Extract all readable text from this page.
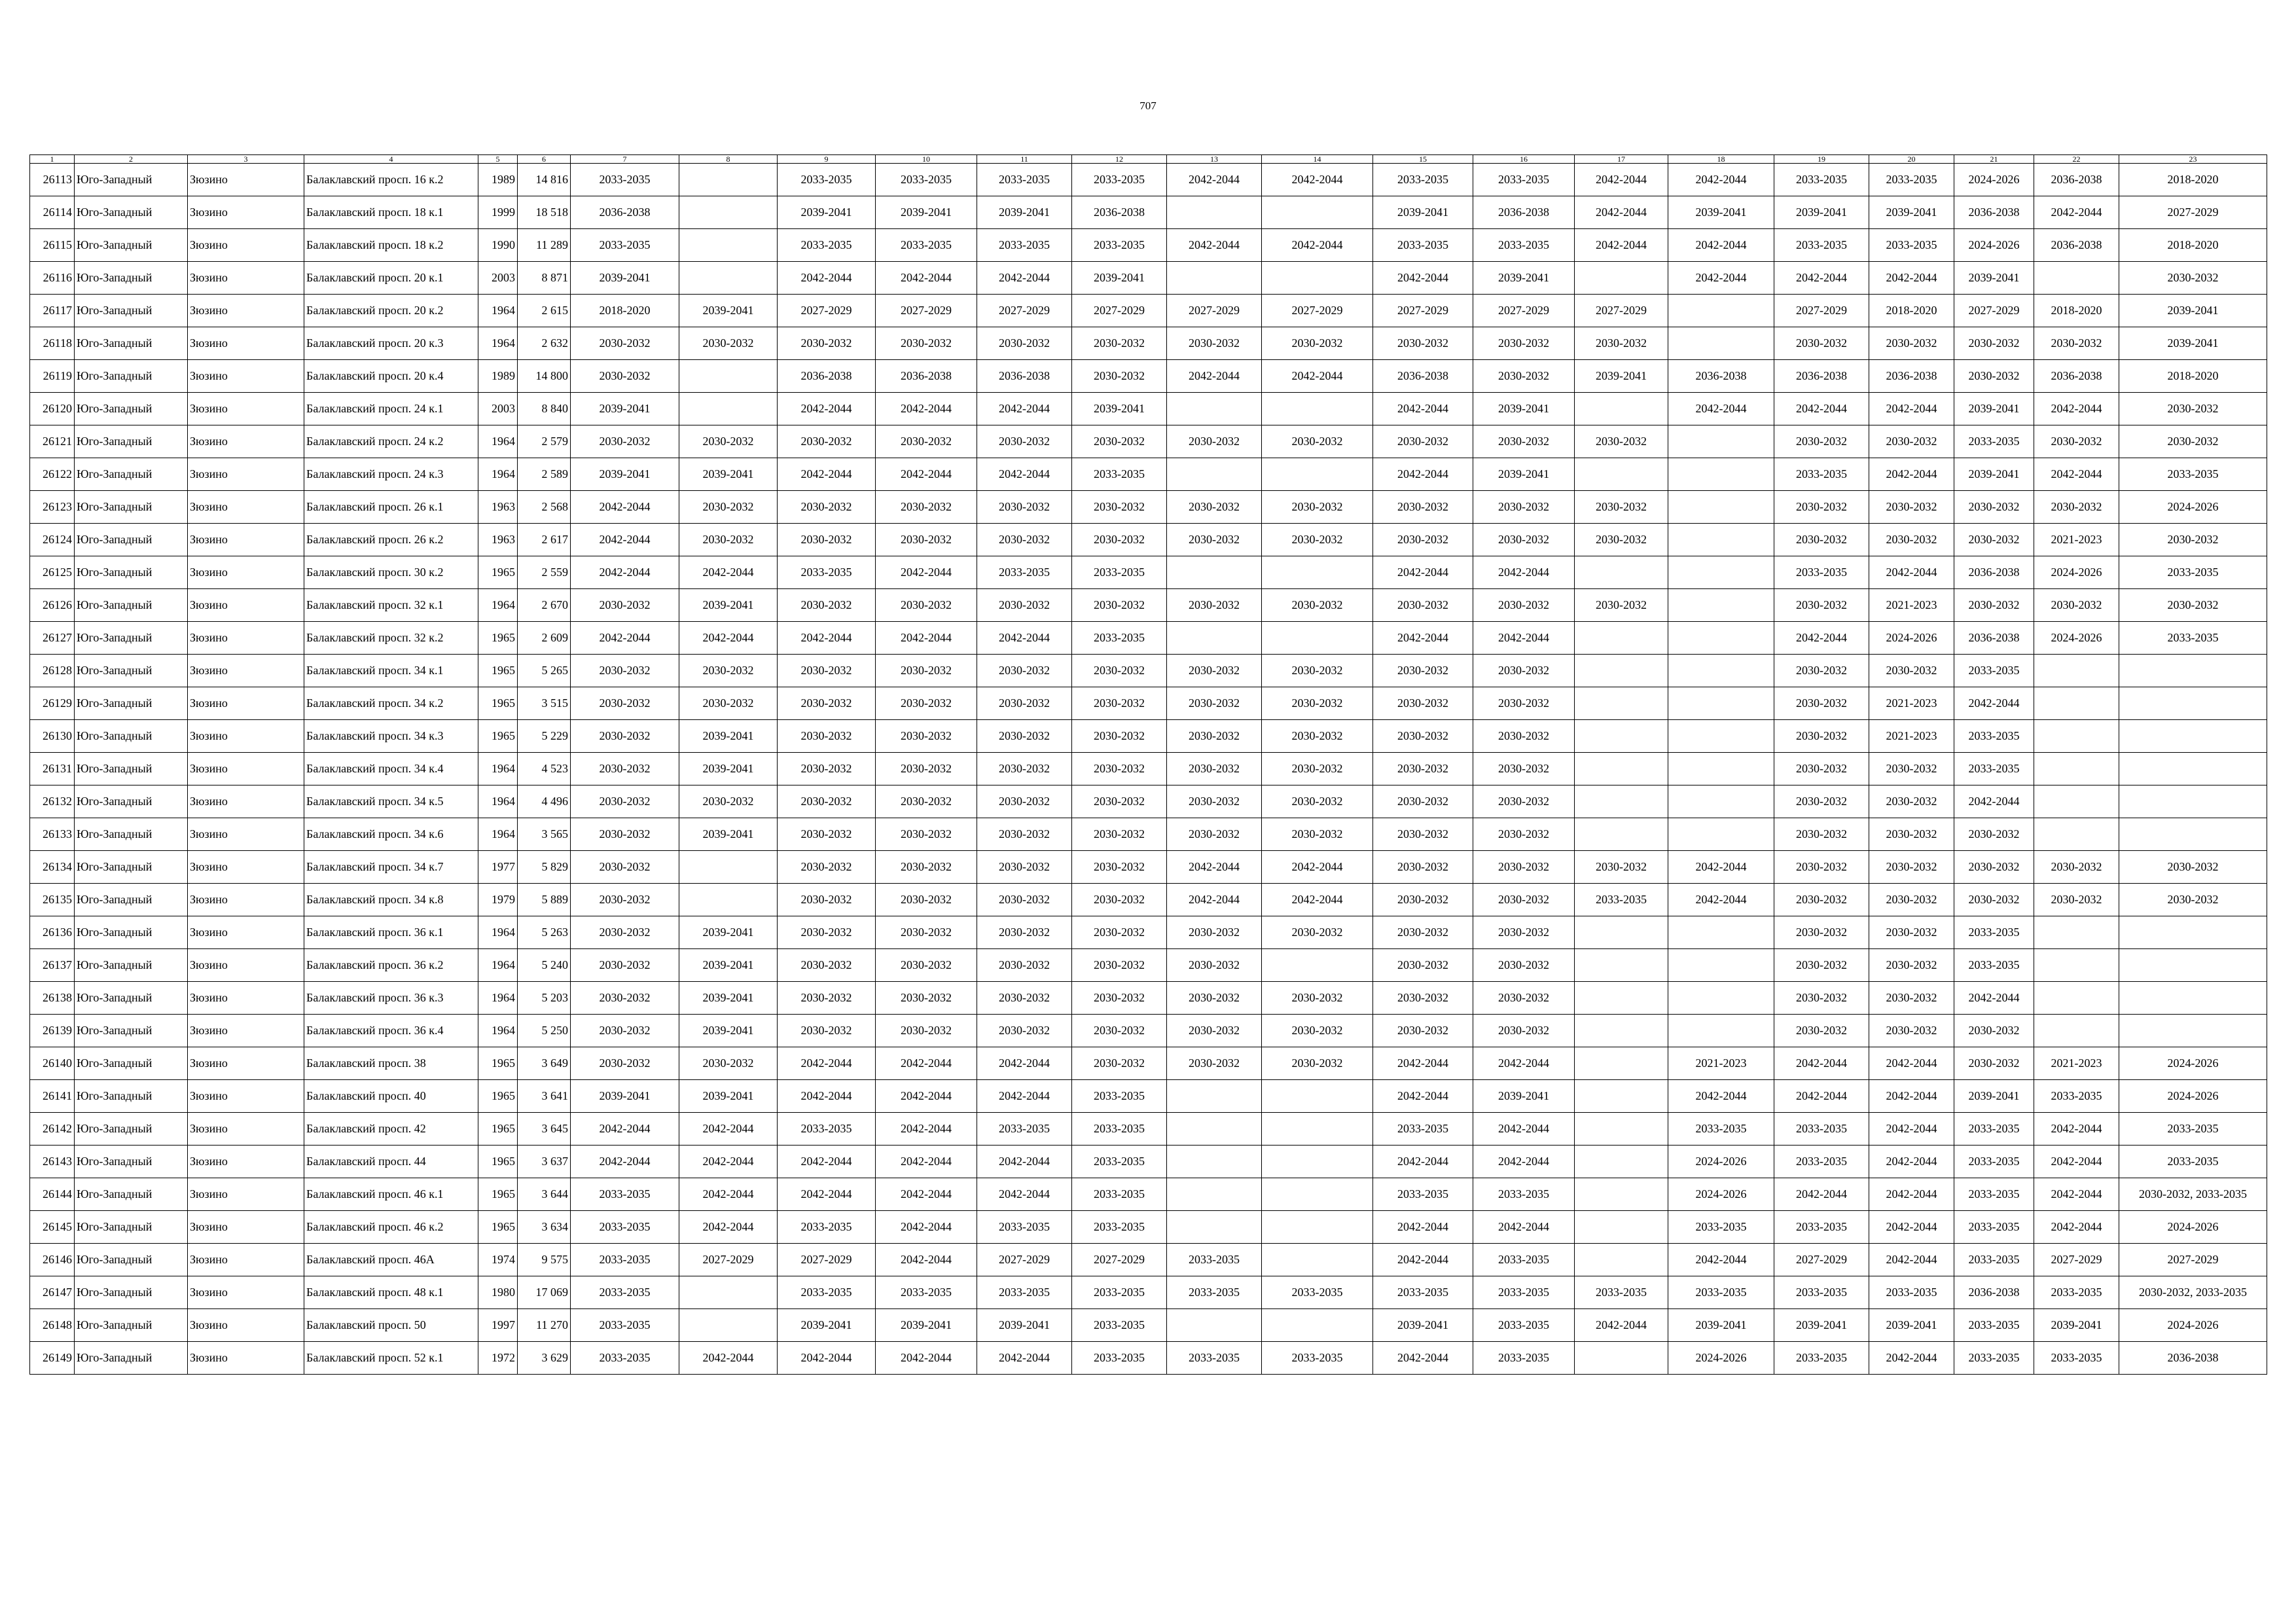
707
1	2	3	4	5	6	7	8	9	10	11	12	13	14	15	16	17	18	19	20	21	22	23
26113	Юго-Западный	Зюзино	Балаклавский просп. 16 к.2	1989	14 816	2033-2035		2033-2035	2033-2035	2033-2035	2033-2035	2042-2044	2042-2044	2033-2035	2033-2035	2042-2044	2042-2044	2033-2035	2033-2035	2024-2026	2036-2038	2018-2020
26114	Юго-Западный	Зюзино	Балаклавский просп. 18 к.1	1999	18 518	2036-2038		2039-2041	2039-2041	2039-2041	2036-2038			2039-2041	2036-2038	2042-2044	2039-2041	2039-2041	2039-2041	2036-2038	2042-2044	2027-2029
26115	Юго-Западный	Зюзино	Балаклавский просп. 18 к.2	1990	11 289	2033-2035		2033-2035	2033-2035	2033-2035	2033-2035	2042-2044	2042-2044	2033-2035	2033-2035	2042-2044	2042-2044	2033-2035	2033-2035	2024-2026	2036-2038	2018-2020
26116	Юго-Западный	Зюзино	Балаклавский просп. 20 к.1	2003	8 871	2039-2041		2042-2044	2042-2044	2042-2044	2039-2041			2042-2044	2039-2041		2042-2044	2042-2044	2042-2044	2039-2041		2030-2032
26117	Юго-Западный	Зюзино	Балаклавский просп. 20 к.2	1964	2 615	2018-2020	2039-2041	2027-2029	2027-2029	2027-2029	2027-2029	2027-2029	2027-2029	2027-2029	2027-2029	2027-2029		2027-2029	2018-2020	2027-2029	2018-2020	2039-2041
26118	Юго-Западный	Зюзино	Балаклавский просп. 20 к.3	1964	2 632	2030-2032	2030-2032	2030-2032	2030-2032	2030-2032	2030-2032	2030-2032	2030-2032	2030-2032	2030-2032	2030-2032		2030-2032	2030-2032	2030-2032	2030-2032	2039-2041
26119	Юго-Западный	Зюзино	Балаклавский просп. 20 к.4	1989	14 800	2030-2032		2036-2038	2036-2038	2036-2038	2030-2032	2042-2044	2042-2044	2036-2038	2030-2032	2039-2041	2036-2038	2036-2038	2036-2038	2030-2032	2036-2038	2018-2020
26120	Юго-Западный	Зюзино	Балаклавский просп. 24 к.1	2003	8 840	2039-2041		2042-2044	2042-2044	2042-2044	2039-2041			2042-2044	2039-2041		2042-2044	2042-2044	2042-2044	2039-2041	2042-2044	2030-2032
26121	Юго-Западный	Зюзино	Балаклавский просп. 24 к.2	1964	2 579	2030-2032	2030-2032	2030-2032	2030-2032	2030-2032	2030-2032	2030-2032	2030-2032	2030-2032	2030-2032	2030-2032		2030-2032	2030-2032	2033-2035	2030-2032	2030-2032
26122	Юго-Западный	Зюзино	Балаклавский просп. 24 к.3	1964	2 589	2039-2041	2039-2041	2042-2044	2042-2044	2042-2044	2033-2035			2042-2044	2039-2041			2033-2035	2042-2044	2039-2041	2042-2044	2033-2035
26123	Юго-Западный	Зюзино	Балаклавский просп. 26 к.1	1963	2 568	2042-2044	2030-2032	2030-2032	2030-2032	2030-2032	2030-2032	2030-2032	2030-2032	2030-2032	2030-2032	2030-2032		2030-2032	2030-2032	2030-2032	2030-2032	2024-2026
26124	Юго-Западный	Зюзино	Балаклавский просп. 26 к.2	1963	2 617	2042-2044	2030-2032	2030-2032	2030-2032	2030-2032	2030-2032	2030-2032	2030-2032	2030-2032	2030-2032	2030-2032		2030-2032	2030-2032	2030-2032	2021-2023	2030-2032
26125	Юго-Западный	Зюзино	Балаклавский просп. 30 к.2	1965	2 559	2042-2044	2042-2044	2033-2035	2042-2044	2033-2035	2033-2035			2042-2044	2042-2044			2033-2035	2042-2044	2036-2038	2024-2026	2033-2035
26126	Юго-Западный	Зюзино	Балаклавский просп. 32 к.1	1964	2 670	2030-2032	2039-2041	2030-2032	2030-2032	2030-2032	2030-2032	2030-2032	2030-2032	2030-2032	2030-2032	2030-2032		2030-2032	2021-2023	2030-2032	2030-2032	2030-2032
26127	Юго-Западный	Зюзино	Балаклавский просп. 32 к.2	1965	2 609	2042-2044	2042-2044	2042-2044	2042-2044	2042-2044	2033-2035			2042-2044	2042-2044			2042-2044	2024-2026	2036-2038	2024-2026	2033-2035
26128	Юго-Западный	Зюзино	Балаклавский просп. 34 к.1	1965	5 265	2030-2032	2030-2032	2030-2032	2030-2032	2030-2032	2030-2032	2030-2032	2030-2032	2030-2032	2030-2032			2030-2032	2030-2032	2033-2035		
26129	Юго-Западный	Зюзино	Балаклавский просп. 34 к.2	1965	3 515	2030-2032	2030-2032	2030-2032	2030-2032	2030-2032	2030-2032	2030-2032	2030-2032	2030-2032	2030-2032			2030-2032	2021-2023	2042-2044		
26130	Юго-Западный	Зюзино	Балаклавский просп. 34 к.3	1965	5 229	2030-2032	2039-2041	2030-2032	2030-2032	2030-2032	2030-2032	2030-2032	2030-2032	2030-2032	2030-2032			2030-2032	2021-2023	2033-2035		
26131	Юго-Западный	Зюзино	Балаклавский просп. 34 к.4	1964	4 523	2030-2032	2039-2041	2030-2032	2030-2032	2030-2032	2030-2032	2030-2032	2030-2032	2030-2032	2030-2032			2030-2032	2030-2032	2033-2035		
26132	Юго-Западный	Зюзино	Балаклавский просп. 34 к.5	1964	4 496	2030-2032	2030-2032	2030-2032	2030-2032	2030-2032	2030-2032	2030-2032	2030-2032	2030-2032	2030-2032			2030-2032	2030-2032	2042-2044		
26133	Юго-Западный	Зюзино	Балаклавский просп. 34 к.6	1964	3 565	2030-2032	2039-2041	2030-2032	2030-2032	2030-2032	2030-2032	2030-2032	2030-2032	2030-2032	2030-2032			2030-2032	2030-2032	2030-2032		
26134	Юго-Западный	Зюзино	Балаклавский просп. 34 к.7	1977	5 829	2030-2032		2030-2032	2030-2032	2030-2032	2030-2032	2042-2044	2042-2044	2030-2032	2030-2032	2030-2032	2042-2044	2030-2032	2030-2032	2030-2032	2030-2032	2030-2032
26135	Юго-Западный	Зюзино	Балаклавский просп. 34 к.8	1979	5 889	2030-2032		2030-2032	2030-2032	2030-2032	2030-2032	2042-2044	2042-2044	2030-2032	2030-2032	2033-2035	2042-2044	2030-2032	2030-2032	2030-2032	2030-2032	2030-2032
26136	Юго-Западный	Зюзино	Балаклавский просп. 36 к.1	1964	5 263	2030-2032	2039-2041	2030-2032	2030-2032	2030-2032	2030-2032	2030-2032	2030-2032	2030-2032	2030-2032			2030-2032	2030-2032	2033-2035		
26137	Юго-Западный	Зюзино	Балаклавский просп. 36 к.2	1964	5 240	2030-2032	2039-2041	2030-2032	2030-2032	2030-2032	2030-2032	2030-2032		2030-2032	2030-2032			2030-2032	2030-2032	2033-2035		
26138	Юго-Западный	Зюзино	Балаклавский просп. 36 к.3	1964	5 203	2030-2032	2039-2041	2030-2032	2030-2032	2030-2032	2030-2032	2030-2032	2030-2032	2030-2032	2030-2032			2030-2032	2030-2032	2042-2044		
26139	Юго-Западный	Зюзино	Балаклавский просп. 36 к.4	1964	5 250	2030-2032	2039-2041	2030-2032	2030-2032	2030-2032	2030-2032	2030-2032	2030-2032	2030-2032	2030-2032			2030-2032	2030-2032	2030-2032		
26140	Юго-Западный	Зюзино	Балаклавский просп. 38	1965	3 649	2030-2032	2030-2032	2042-2044	2042-2044	2042-2044	2030-2032	2030-2032	2030-2032	2042-2044	2042-2044		2021-2023	2042-2044	2042-2044	2030-2032	2021-2023	2024-2026
26141	Юго-Западный	Зюзино	Балаклавский просп. 40	1965	3 641	2039-2041	2039-2041	2042-2044	2042-2044	2042-2044	2033-2035			2042-2044	2039-2041		2042-2044	2042-2044	2042-2044	2039-2041	2033-2035	2024-2026
26142	Юго-Западный	Зюзино	Балаклавский просп. 42	1965	3 645	2042-2044	2042-2044	2033-2035	2042-2044	2033-2035	2033-2035			2033-2035	2042-2044		2033-2035	2033-2035	2042-2044	2033-2035	2042-2044	2033-2035
26143	Юго-Западный	Зюзино	Балаклавский просп. 44	1965	3 637	2042-2044	2042-2044	2042-2044	2042-2044	2042-2044	2033-2035			2042-2044	2042-2044		2024-2026	2033-2035	2042-2044	2033-2035	2042-2044	2033-2035
26144	Юго-Западный	Зюзино	Балаклавский просп. 46 к.1	1965	3 644	2033-2035	2042-2044	2042-2044	2042-2044	2042-2044	2033-2035			2033-2035	2033-2035		2024-2026	2042-2044	2042-2044	2033-2035	2042-2044	2030-2032, 2033-2035
26145	Юго-Западный	Зюзино	Балаклавский просп. 46 к.2	1965	3 634	2033-2035	2042-2044	2033-2035	2042-2044	2033-2035	2033-2035			2042-2044	2042-2044		2033-2035	2033-2035	2042-2044	2033-2035	2042-2044	2024-2026
26146	Юго-Западный	Зюзино	Балаклавский просп. 46А	1974	9 575	2033-2035	2027-2029	2027-2029	2042-2044	2027-2029	2027-2029	2033-2035		2042-2044	2033-2035		2042-2044	2027-2029	2042-2044	2033-2035	2027-2029	2027-2029
26147	Юго-Западный	Зюзино	Балаклавский просп. 48 к.1	1980	17 069	2033-2035		2033-2035	2033-2035	2033-2035	2033-2035	2033-2035	2033-2035	2033-2035	2033-2035	2033-2035	2033-2035	2033-2035	2033-2035	2036-2038	2033-2035	2030-2032, 2033-2035
26148	Юго-Западный	Зюзино	Балаклавский просп. 50	1997	11 270	2033-2035		2039-2041	2039-2041	2039-2041	2033-2035			2039-2041	2033-2035	2042-2044	2039-2041	2039-2041	2039-2041	2033-2035	2039-2041	2024-2026
26149	Юго-Западный	Зюзино	Балаклавский просп. 52 к.1	1972	3 629	2033-2035	2042-2044	2042-2044	2042-2044	2042-2044	2033-2035	2033-2035	2033-2035	2042-2044	2033-2035		2024-2026	2033-2035	2042-2044	2033-2035	2033-2035	2036-2038
